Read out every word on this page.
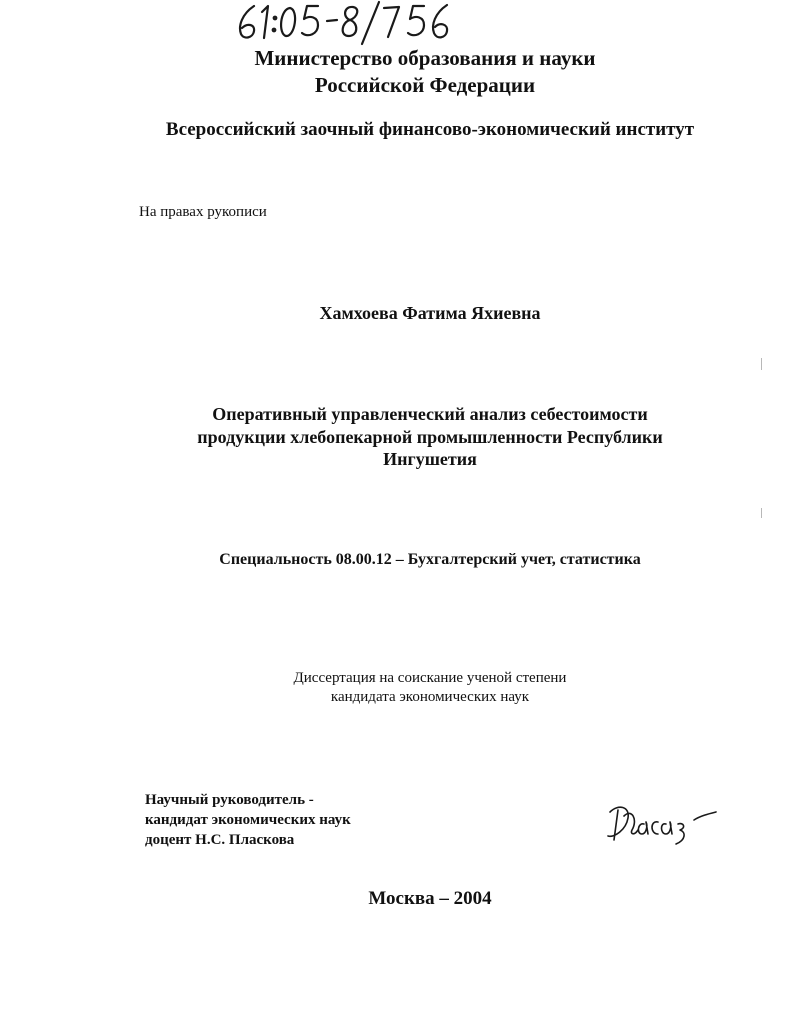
Министерство образования и науки
Российской Федерации
Всероссийский заочный финансово-экономический институт
На правах рукописи
Хамхоева Фатима Яхиевна
Оперативный управленческий анализ себестоимости
продукции хлебопекарной промышленности Республики
Ингушетия
Специальность 08.00.12 – Бухгалтерский учет, статистика
Диссертация на соискание ученой степени
кандидата экономических наук
Научный руководитель -
кандидат экономических наук
доцент Н.С. Пласкова
Москва – 2004
